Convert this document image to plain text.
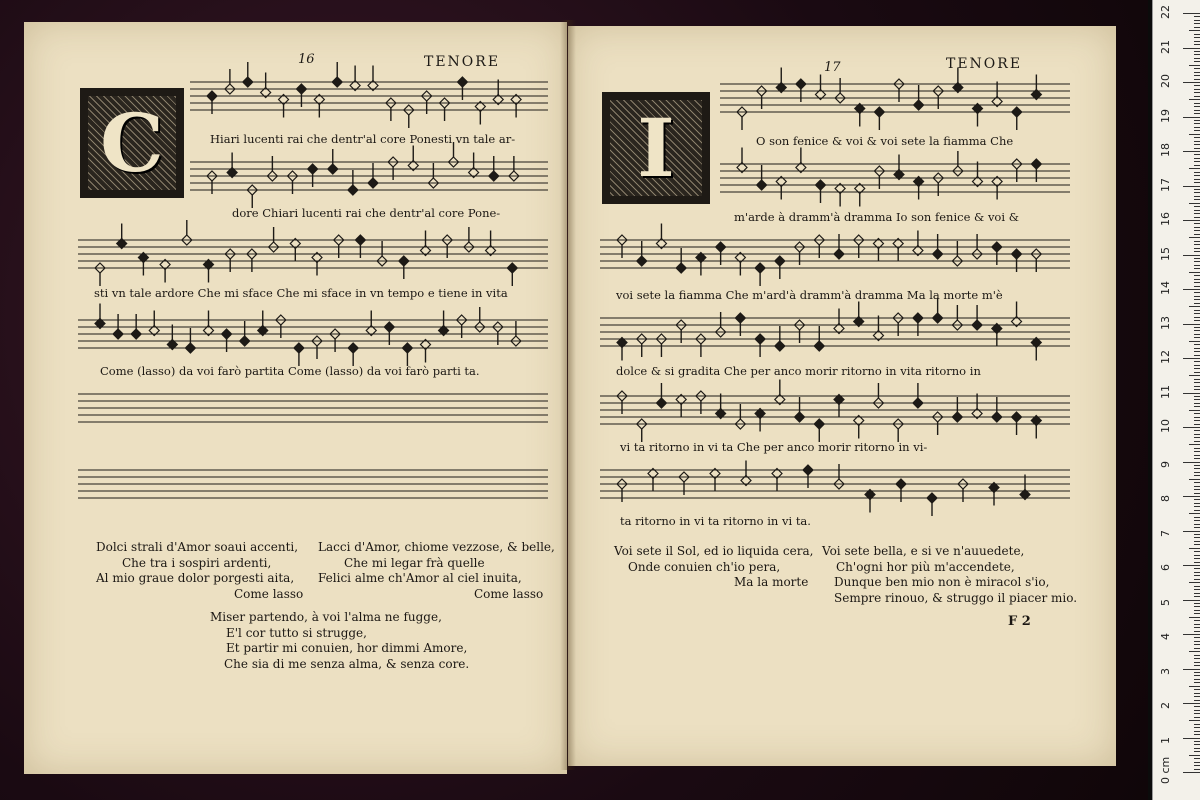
16	TENORE
C
17	TENORE
I
Hiari lucenti rai che dentr'al core Ponesti vn tale ar-
dore Chiari lucenti rai che dentr'al core Pone-
sti vn tale ardore Che mi sface Che mi sface in vn tempo e tiene in vita
Come (lasso) da voi farò partita Come (lasso) da voi farò parti ta.
O son fenice & voi & voi sete la fiamma Che
m'arde à dramm'à dramma Io son fenice & voi &
voi sete la fiamma Che m'ard'à dramm'à dramma Ma la morte m'è
dolce & si gradita Che per anco morir ritorno in vita ritorno in
vi ta ritorno in vi ta Che per anco morir ritorno in vi-
ta ritorno in vi ta ritorno in vi ta.
Dolci strali d'Amor soaui accenti,
Che tra i sospiri ardenti,
Al mio graue dolor porgesti aita,
Come lasso
Lacci d'Amor, chiome vezzose, & belle,
Che mi legar frà quelle
Felici alme ch'Amor al ciel inuita,
Come lasso
Miser partendo, à voi l'alma ne fugge,
E'l cor tutto si strugge,
Et partir mi conuien, hor dimmi Amore,
Che sia di me senza alma, & senza core.
Voi sete il Sol, ed io liquida cera,
Onde conuien ch'io pera,
Ma la morte
Voi sete bella, e si ve n'auuedete,
Ch'ogni hor più m'accendete,
Dunque ben mio non è miracol s'io,
Sempre rinouo, & struggo il piacer mio.
F 2
0 cm
1
2
3
4
5
6
7
8
9
10
11
12
13
14
15
16
17
18
19
20
21
22
